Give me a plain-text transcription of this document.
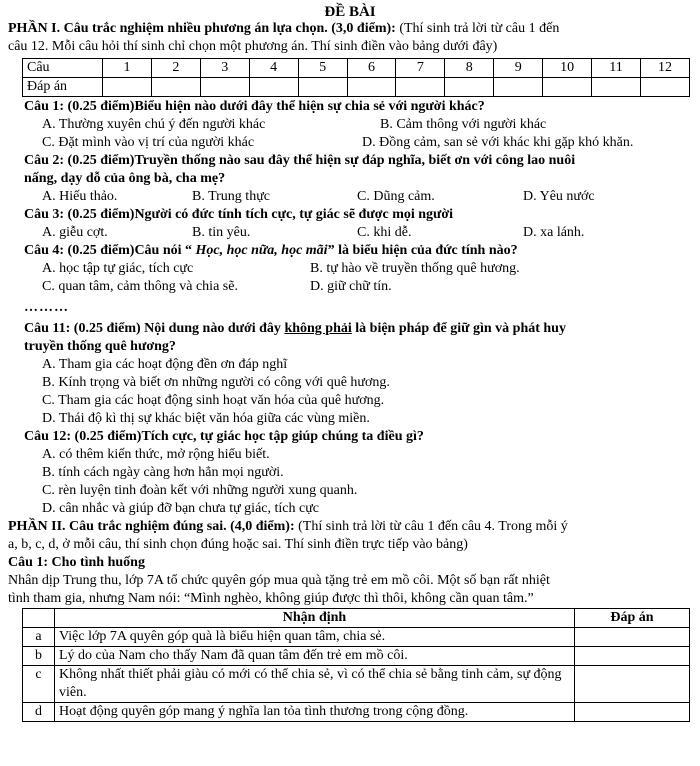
ĐỀ BÀI

PHẦN I. Câu trắc nghiệm nhiều phương án lựa chọn. (3,0 điểm): (Thí sinh trả lời từ câu 1 đến

câu 12. Mỗi câu hỏi thí sinh chỉ chọn một phương án. Thí sinh điền vào bảng dưới đây)

Câu	1	2	3	4	5	6	7	8	9	10	11	12
Đáp án												

Câu 1: (0.25 điểm)Biểu hiện nào dưới đây thể hiện sự chia sẻ với người khác?

A. Thường xuyên chú ý đến người khác	B. Cảm thông với người khác
C. Đặt mình vào vị trí của người khác	D. Đồng cảm, san sẻ với khác khi gặp khó khăn.

Câu 2: (0.25 điểm)Truyền thống nào sau đây thể hiện sự đáp nghĩa, biết ơn với công lao nuôi

nấng, dạy dỗ của ông bà, cha mẹ?

A. Hiếu thảo.	B. Trung thực	C. Dũng cảm.	D. Yêu nước

Câu 3: (0.25 điểm)Người có đức tính tích cực, tự giác sẽ được mọi người

A. giễu cợt.	B. tin yêu.	C. khi dễ.	D. xa lánh.

Câu 4: (0.25 điểm)Câu nói “ Học, học nữa, học mãi” là biểu hiện của đức tính nào?

A. học tập tự giác, tích cực	B. tự hào về truyền thống quê hương.
C. quan tâm, cảm thông và chia sẽ.	D. giữ chữ tín.

………

Câu 11: (0.25 điểm) Nội dung nào dưới đây không phải là biện pháp để giữ gìn và phát huy

truyền thống quê hương?

A. Tham gia các hoạt động đền ơn đáp nghĩ

B. Kính trọng và biết ơn những người có công với quê hương.

C. Tham gia các hoạt động sinh hoạt văn hóa của quê hương.

D. Thái độ kì thị sự khác biệt văn hóa giữa các vùng miền.

Câu 12: (0.25 điểm)Tích cực, tự giác học tập giúp chúng ta điều gì?

A. có thêm kiến thức, mở rộng hiểu biết.

B. tính cách ngày càng hơn hẳn mọi người.

C. rèn luyện tinh đoàn kết với những người xung quanh.

D. cân nhắc và giúp đỡ bạn chưa tự giác, tích cực

PHẦN II. Câu trắc nghiệm đúng sai. (4,0 điểm): (Thí sinh trả lời từ câu 1 đến câu 4. Trong mỗi ý

a, b, c, d, ở mỗi câu, thí sinh chọn đúng hoặc sai. Thí sinh điền trực tiếp vào bảng)

Câu 1: Cho tình huống

Nhân dịp Trung thu, lớp 7A tổ chức quyên góp mua quà tặng trẻ em mồ côi. Một số bạn rất nhiệt

tình tham gia, nhưng Nam nói: “Mình nghèo, không giúp được thì thôi, không cần quan tâm.”

	Nhận định	Đáp án
a	Việc lớp 7A quyên góp quà là biểu hiện quan tâm, chia sẻ.	
b	Lý do của Nam cho thấy Nam đã quan tâm đến trẻ em mồ côi.	
c	Không nhất thiết phải giàu có mới có thể chia sẻ, vì có thể chia sẻ bằng tinh cảm, sự động viên.	
d	Hoạt động quyên góp mang ý nghĩa lan tỏa tình thương trong cộng đồng.	
